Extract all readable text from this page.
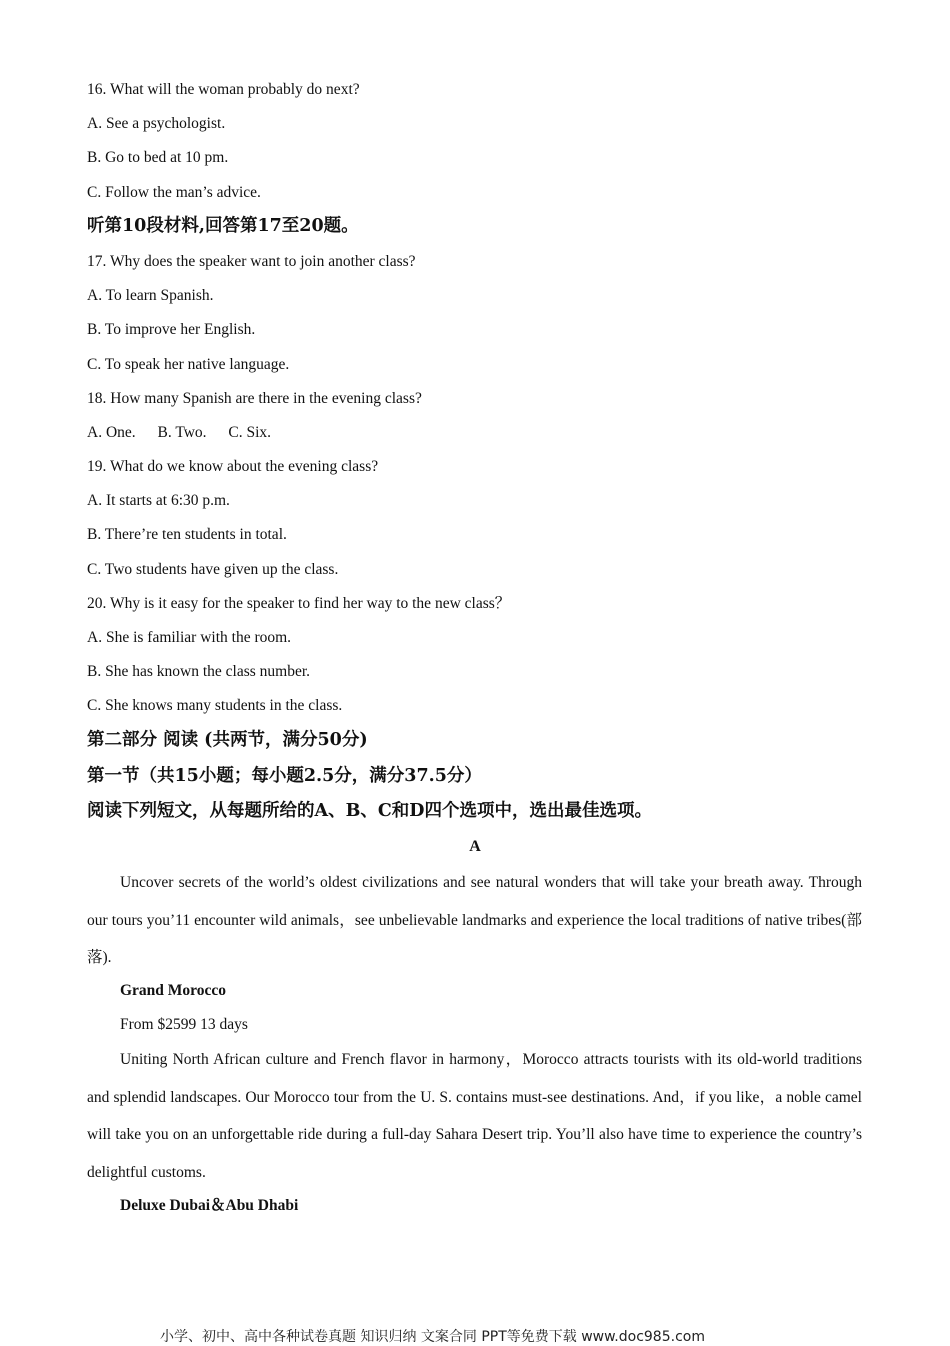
16. What will the woman probably do next?
A. See a psychologist.
B. Go to bed at 10 pm.
C. Follow the man’s advice.
听第10段材料,回答第17至20题。
17. Why does the speaker want to join another class?
A. To learn Spanish.
B. To improve her English.
C. To speak her native language.
18. How many Spanish are there in the evening class?
A. One. B. Two. C. Six.
19. What do we know about the evening class?
A. It starts at 6:30 p.m.
B. There’re ten students in total.
C. Two students have given up the class.
20. Why is it easy for the speaker to find her way to the new class？
A. She is familiar with the room.
B. She has known the class number.
C. She knows many students in the class.
第二部分 阅读 (共两节，满分50分)
第一节（共15小题；每小题2.5分，满分37.5分）
阅读下列短文，从每题所给的A、B、C和D四个选项中，选出最佳选项。
A
Uncover secrets of the world’s oldest civilizations and see natural wonders that will take your breath away. Through our tours you’11 encounter wild animals，see unbelievable landmarks and experience the local traditions of native tribes(部落).
Grand Morocco
From $2599 13 days
Uniting North African culture and French flavor in harmony，Morocco attracts tourists with its old-world traditions and splendid landscapes. Our Morocco tour from the U. S. contains must-see destinations. And，if you like，a noble camel will take you on an unforgettable ride during a full-day Sahara Desert trip. You’ll also have time to experience the country’s delightful customs.
Deluxe Dubai＆Abu Dhabi
小学、初中、高中各种试卷真题 知识归纳 文案合同 PPT等免费下载 www.doc985.com
